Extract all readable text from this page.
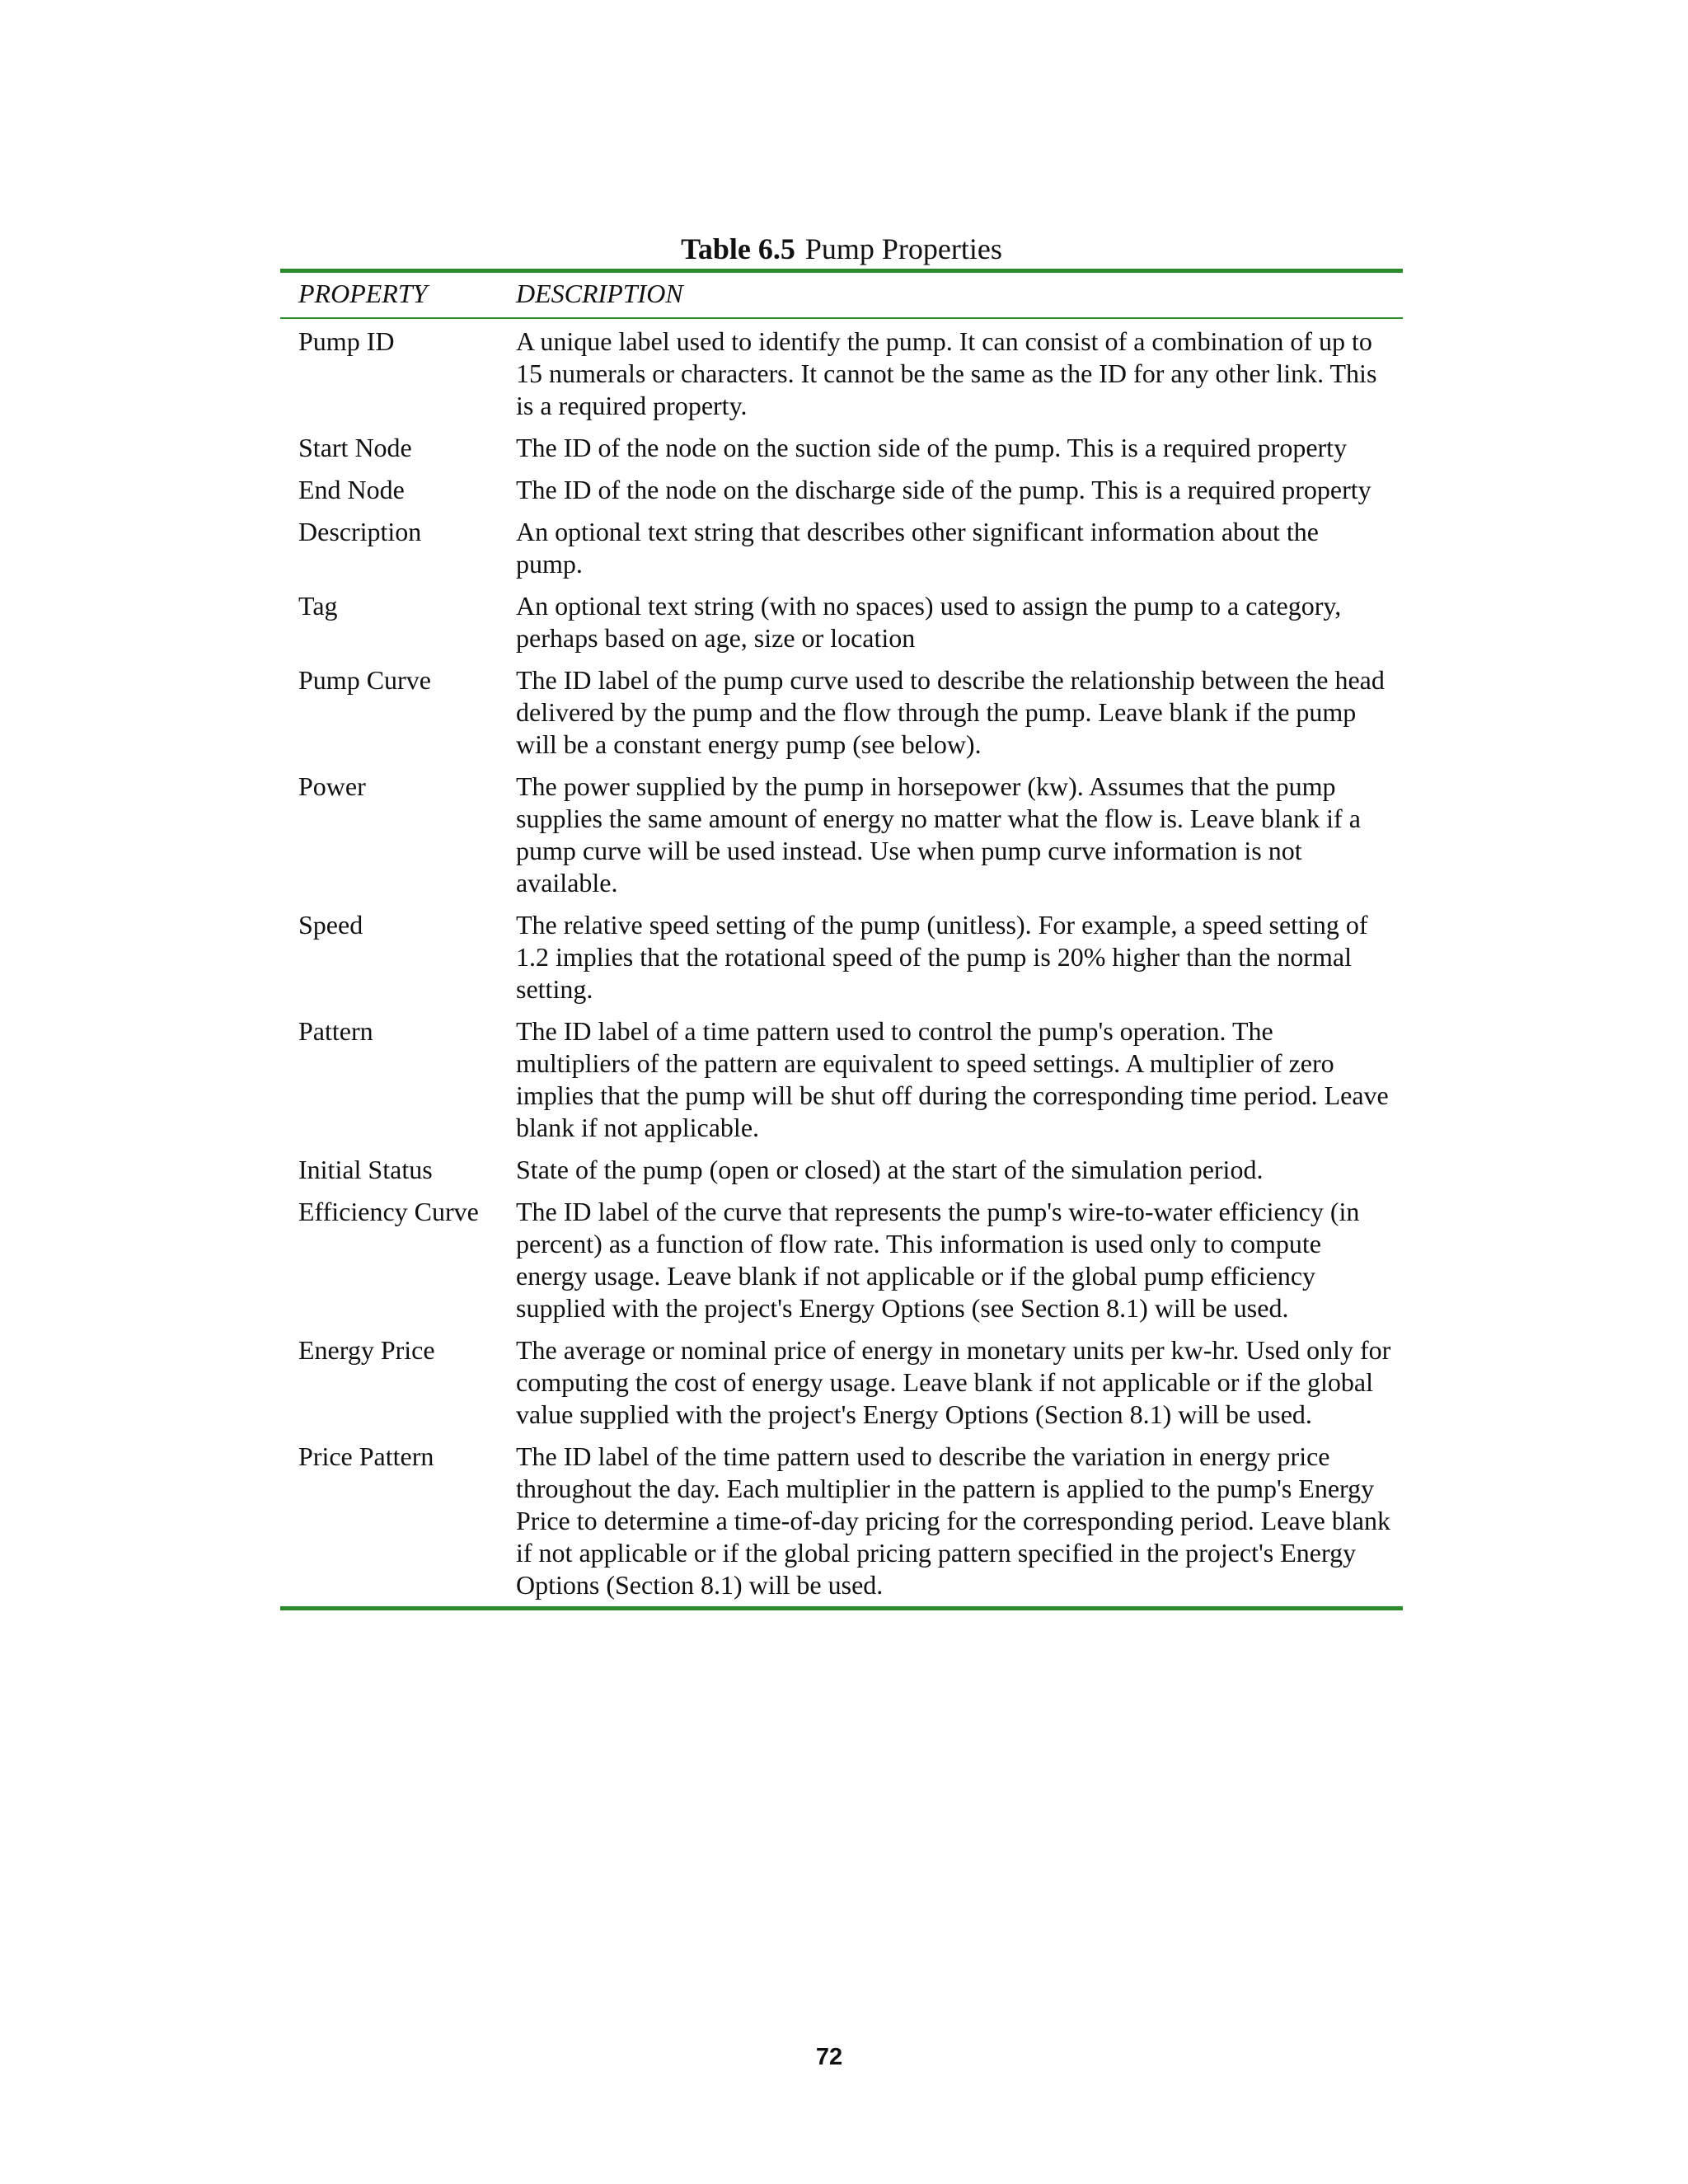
Table 6.5 Pump Properties
PROPERTY	DESCRIPTION
Pump ID	A unique label used to identify the pump. It can consist of a combination of up to 15 numerals or characters. It cannot be the same as the ID for any other link. This is a required property.
Start Node	The ID of the node on the suction side of the pump. This is a required property
End Node	The ID of the node on the discharge side of the pump. This is a required property
Description	An optional text string that describes other significant information about the pump.
Tag	An optional text string (with no spaces) used to assign the pump to a category, perhaps based on age, size or location
Pump Curve	The ID label of the pump curve used to describe the relationship between the head delivered by the pump and the flow through the pump. Leave blank if the pump will be a constant energy pump (see below).
Power	The power supplied by the pump in horsepower (kw). Assumes that the pump supplies the same amount of energy no matter what the flow is. Leave blank if a pump curve will be used instead. Use when pump curve information is not available.
Speed	The relative speed setting of the pump (unitless). For example, a speed setting of 1.2 implies that the rotational speed of the pump is 20% higher than the normal setting.
Pattern	The ID label of a time pattern used to control the pump's operation. The multipliers of the pattern are equivalent to speed settings. A multiplier of zero implies that the pump will be shut off during the corresponding time period. Leave blank if not applicable.
Initial Status	State of the pump (open or closed) at the start of the simulation period.
Efficiency Curve	The ID label of the curve that represents the pump's wire-to-water efficiency (in percent) as a function of flow rate. This information is used only to compute energy usage. Leave blank if not applicable or if the global pump efficiency supplied with the project's Energy Options (see Section 8.1) will be used.
Energy Price	The average or nominal price of energy in monetary units per kw-hr. Used only for computing the cost of energy usage. Leave blank if not applicable or if the global value supplied with the project's Energy Options (Section 8.1) will be used.
Price Pattern	The ID label of the time pattern used to describe the variation in energy price throughout the day. Each multiplier in the pattern is applied to the pump's Energy Price to determine a time-of-day pricing for the corresponding period. Leave blank if not applicable or if the global pricing pattern specified in the project's Energy Options (Section 8.1) will be used.
72
